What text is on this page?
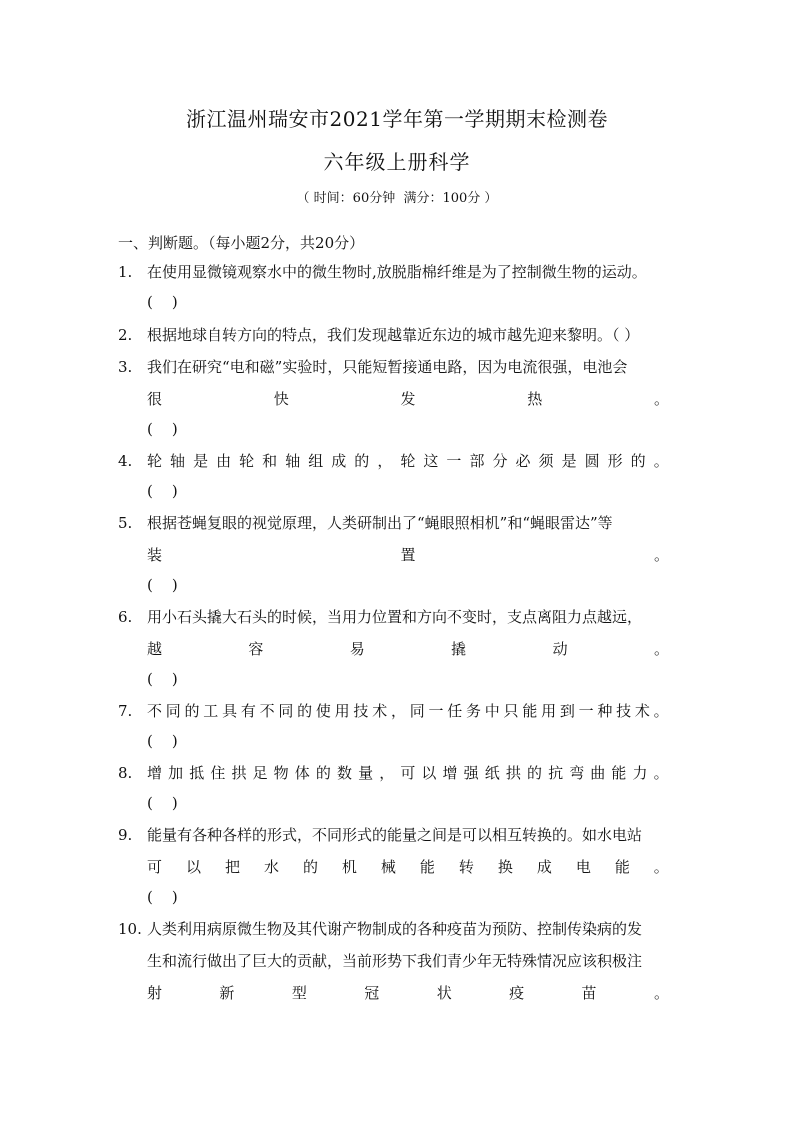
浙江温州瑞安市2021学年第一学期期末检测卷
六年级上册科学
（ 时间：60分钟  满分：100分 ）
一、判断题。（每小题2分，共20分）
1. 在使用显微镜观察水中的微生物时,放脱脂棉纤维是为了控制微生物的运动。
(    )
2. 根据地球自转方向的特点，我们发现越靠近东边的城市越先迎来黎明。（ ）
3. 我们在研究“电和磁”实验时，只能短暂接通电路，因为电流很强，电池会
很	快	发	热	。
(    )
4. 轮 轴 是 由 轮 和 轴 组 成 的 ， 轮 这 一 部 分 必 须 是 圆 形 的 。
(    )
5. 根据苍蝇复眼的视觉原理，人类研制出了“蝇眼照相机”和“蝇眼雷达”等
装	置	。
(    )
6. 用小石头撬大石头的时候，当用力位置和方向不变时，支点离阻力点越远，
越	容	易	撬	动	。
(    )
7. 不 同 的 工 具 有 不 同 的 使 用 技 术 ， 同 一 任 务 中 只 能 用 到 一 种 技 术 。
(    )
8. 增 加 抵 住 拱 足 物 体 的 数 量 ， 可 以 增 强 纸 拱 的 抗 弯 曲 能 力 。
(    )
9. 能量有各种各样的形式，不同形式的能量之间是可以相互转换的。如水电站
可 以 把 水 的 机 械 能 转 换 成 电 能 。
(    )
10. 人类利用病原微生物及其代谢产物制成的各种疫苗为预防、控制传染病的发
生和流行做出了巨大的贡献，当前形势下我们青少年无特殊情况应该积极注
射	新	型	冠	状	疫	苗	。
